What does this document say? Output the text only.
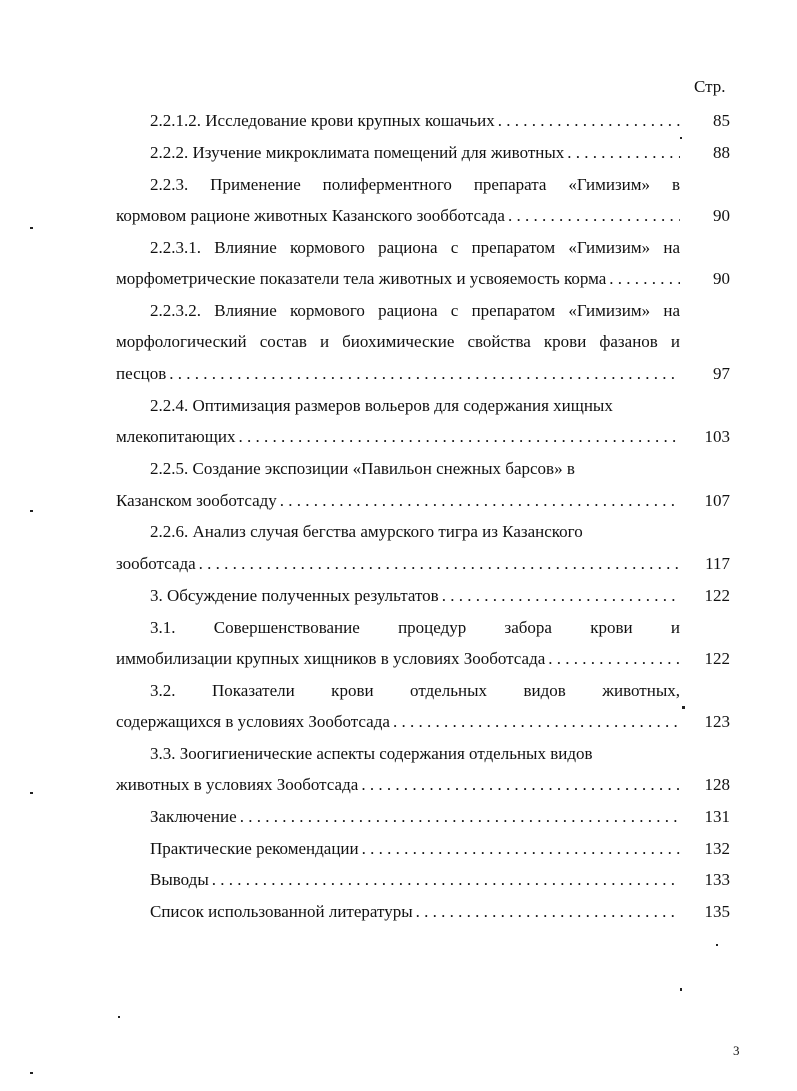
Стр.
2.2.1.2. Исследование крови крупных кошачьих . . .	85
2.2.2. Изучение микроклимата помещений для животных . . .	88
2.2.3. Применение полиферментного препарата «Гимизим» в
кормовом рационе животных Казанского зообботсада . . .	90
2.2.3.1. Влияние кормового рациона с препаратом «Гимизим» на
морфометрические показатели тела животных и усвояемость корма . . .	90
2.2.3.2. Влияние кормового рациона с препаратом «Гимизим» на
морфологический состав и биохимические свойства крови фазанов и
песцов . . .	97
2.2.4. Оптимизация размеров вольеров для содержания хищных
млекопитающих . . .	103
2.2.5. Создание экспозиции «Павильон снежных барсов» в
Казанском зооботсаду . . .	107
2.2.6. Анализ случая бегства амурского тигра из Казанского
зооботсада . . .	117
3. Обсуждение полученных результатов . . .	122
3.1. Совершенствование процедур забора крови и
иммобилизации крупных хищников в условиях Зооботсада . . .	122
3.2. Показатели крови отдельных видов животных,
содержащихся в условиях Зооботсада . . .	123
3.3. Зоогигиенические аспекты содержания отдельных видов
животных в условиях Зооботсада . . .	128
Заключение . . .	131
Практические рекомендации . . .	132
Выводы . . .	133
Список использованной литературы . . .	135
3
